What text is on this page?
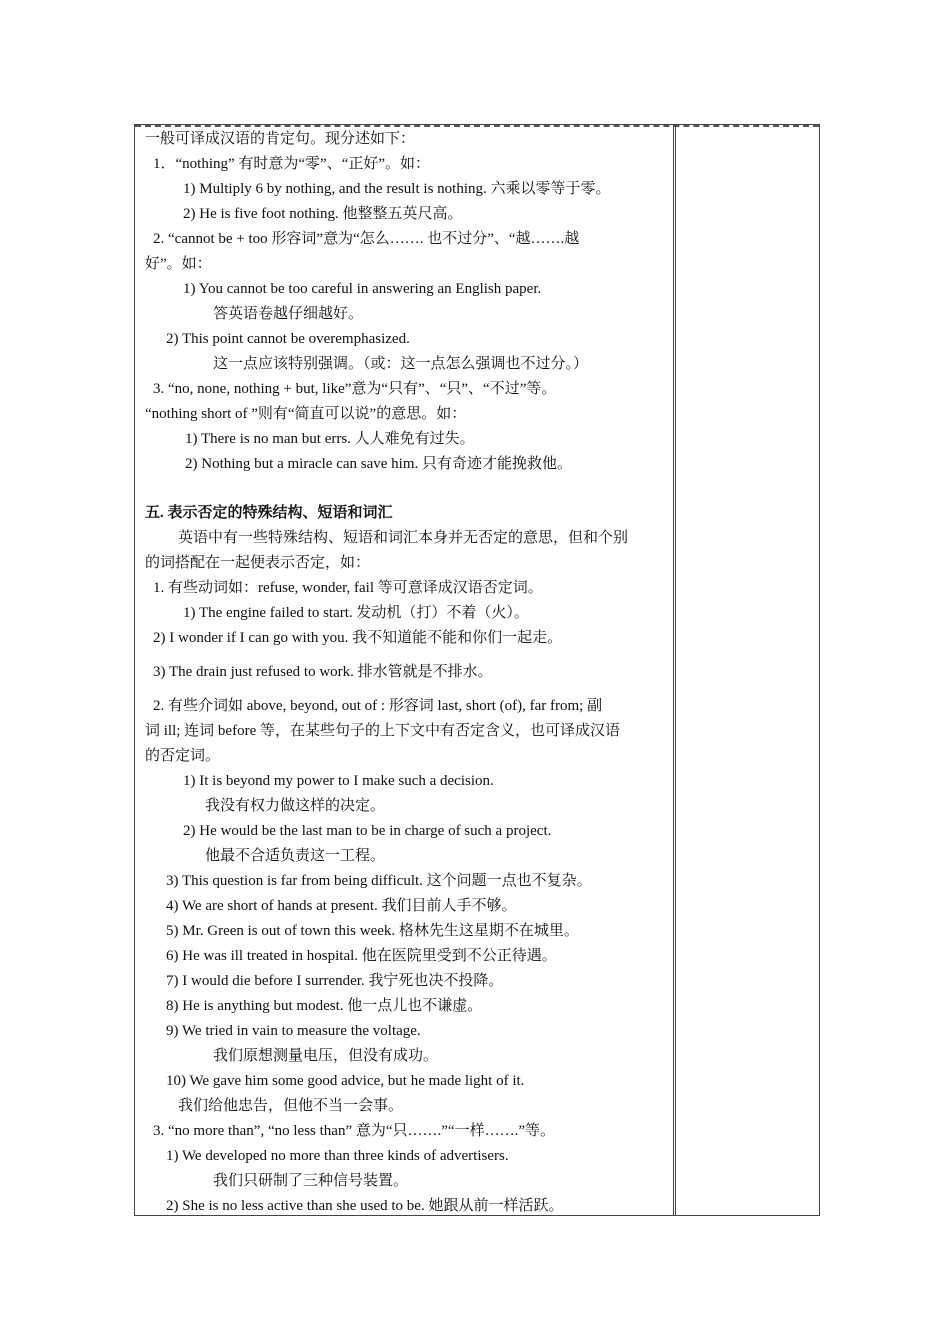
一般可译成汉语的肯定句。现分述如下：
1．“nothing” 有时意为“零”、“正好”。如：
1) Multiply 6 by nothing, and the result is nothing. 六乘以零等于零。
2) He is five foot nothing. 他整整五英尺高。
2. “cannot be + too 形容词”意为“怎么……. 也不过分”、“越…….越
好”。如：
1) You cannot be too careful in answering an English paper.
答英语卷越仔细越好。
2) This point cannot be overemphasized.
这一点应该特别强调。（或：这一点怎么强调也不过分。）
3. “no, none, nothing + but, like”意为“只有”、“只”、“不过”等。
“nothing short of ”则有“简直可以说”的意思。如：
1) There is no man but errs. 人人难免有过失。
2) Nothing but a miracle can save him. 只有奇迹才能挽救他。
五. 表示否定的特殊结构、短语和词汇
英语中有一些特殊结构、短语和词汇本身并无否定的意思，但和个别
的词搭配在一起便表示否定，如：
1. 有些动词如：refuse, wonder, fail 等可意译成汉语否定词。
1) The engine failed to start. 发动机（打）不着（火）。
2) I wonder if I can go with you. 我不知道能不能和你们一起走。
3) The drain just refused to work. 排水管就是不排水。
2. 有些介词如 above, beyond, out of : 形容词 last, short (of), far from; 副
词 ill; 连词 before 等，在某些句子的上下文中有否定含义，也可译成汉语
的否定词。
1) It is beyond my power to I make such a decision.
我没有权力做这样的决定。
2) He would be the last man to be in charge of such a project.
他最不合适负责这一工程。
3) This question is far from being difficult. 这个问题一点也不复杂。
4) We are short of hands at present. 我们目前人手不够。
5) Mr. Green is out of town this week. 格林先生这星期不在城里。
6) He was ill treated in hospital. 他在医院里受到不公正待遇。
7) I would die before I surrender. 我宁死也决不投降。
8) He is anything but modest. 他一点儿也不谦虚。
9) We tried in vain to measure the voltage.
我们原想测量电压，但没有成功。
10) We gave him some good advice, but he made light of it.
我们给他忠告，但他不当一会事。
3. “no more than”, “no less than” 意为“只…….”“一样…….”等。
1) We developed no more than three kinds of advertisers.
我们只研制了三种信号装置。
2) She is no less active than she used to be. 她跟从前一样活跃。
